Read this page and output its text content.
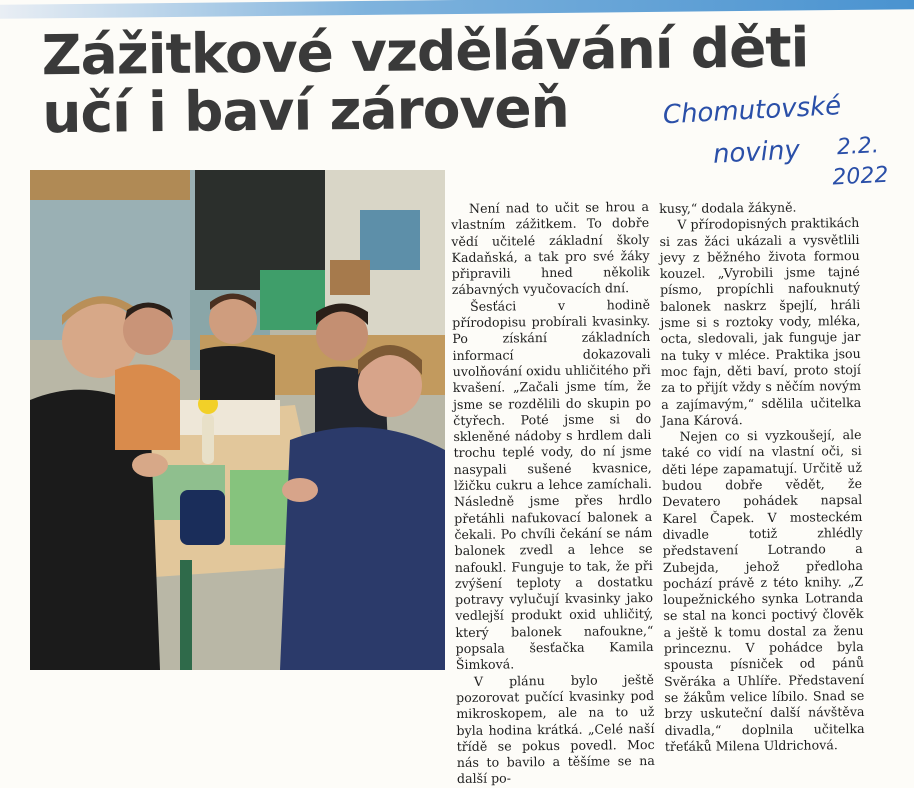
Zážitkové vzdělávání děti
učí i baví zároveň	Chomutovské
noviny 2.2.
2022

Není nad to učit se hrou a vlastním zážitkem. To dobře vědí učitelé základní školy Kadaňská, a tak pro své žáky připravili hned několik zábavných vyučovacích dní.

Šesťáci v hodině přírodopisu probírali kvasinky. Po získání základních informací dokazovali uvolňování oxidu uhličitého při kvašení. „Začali jsme tím, že jsme se rozdělili do skupin po čtyřech. Poté jsme si do skleněné nádoby s hrdlem dali trochu teplé vody, do ní jsme nasypali sušené kvasnice, lžičku cukru a lehce zamíchali. Následně jsme přes hrdlo přetáhli nafukovací balonek a čekali. Po chvíli čekání se nám balonek zvedl a lehce se nafoukl. Funguje to tak, že při zvýšení teploty a dostatku potravy vylučují kvasinky jako vedlejší produkt oxid uhličitý, který balonek nafoukne,“ popsala šesťačka Kamila Šimková.

V plánu bylo ještě pozorovat pučící kvasinky pod mikroskopem, ale na to už byla hodina krátká. „Celé naší třídě se pokus povedl. Moc nás to bavilo a těšíme se na další po-

kusy,“ dodala žákyně.

V přírodopisných praktikách si zas žáci ukázali a vysvětlili jevy z běžného života formou kouzel. „Vyrobili jsme tajné písmo, propíchli nafouknutý balonek naskrz špejlí, hráli jsme si s roztoky vody, mléka, octa, sledovali, jak funguje jar na tuky v mléce. Praktika jsou moc fajn, děti baví, proto stojí za to přijít vždy s něčím novým a zajímavým,“ sdělila učitelka Jana Kárová.

Nejen co si vyzkoušejí, ale také co vidí na vlastní oči, si děti lépe zapamatují. Určitě už budou dobře vědět, že Devatero pohádek napsal Karel Čapek. V mosteckém divadle totiž zhlédly představení Lotrando a Zubejda, jehož předloha pochází právě z této knihy. „Z loupežnického synka Lotranda se stal na konci poctivý člověk a ještě k tomu dostal za ženu princeznu. V pohádce byla spousta písniček od pánů Svěráka a Uhlíře. Představení se žákům velice líbilo. Snad se brzy uskuteční další návštěva divadla,“ doplnila učitelka třeťáků Milena Uldrichová.
